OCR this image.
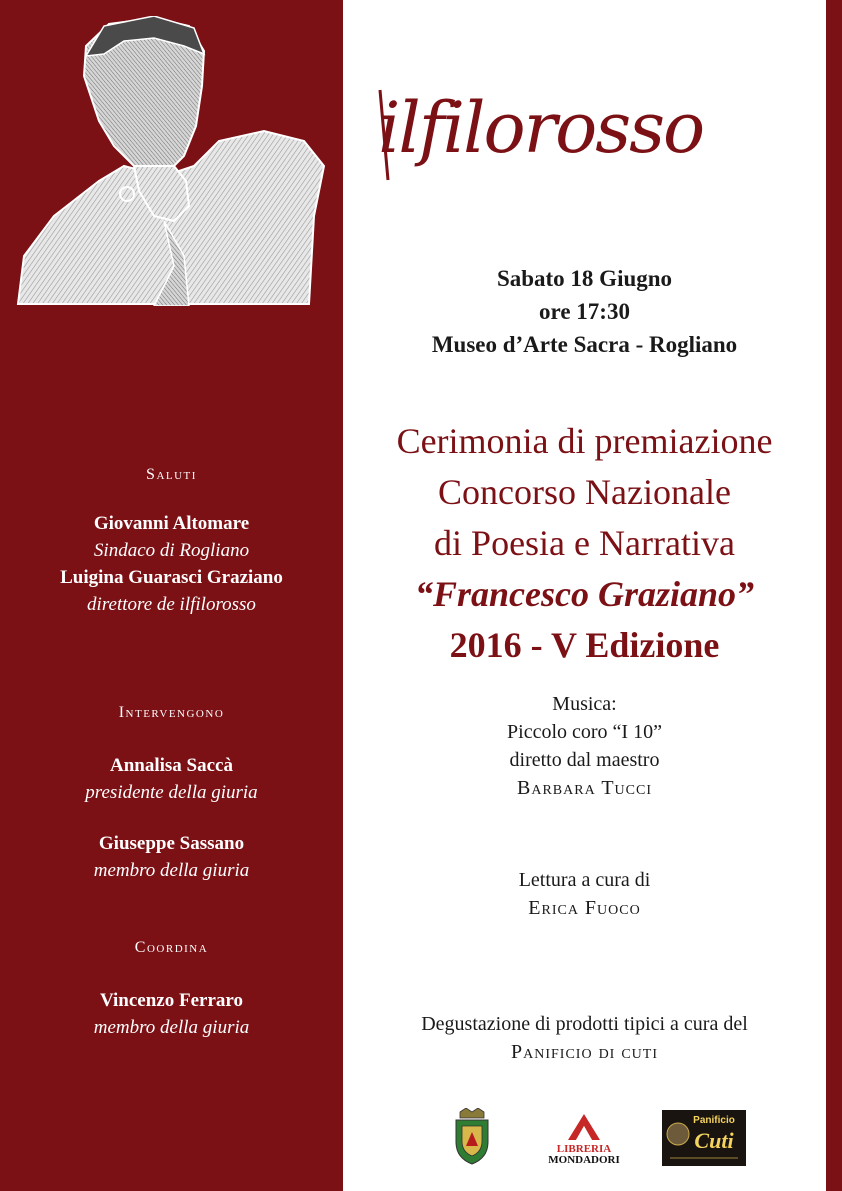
ilfilorosso
Sabato 18 Giugno
ore 17:30
Museo d’Arte Sacra - Rogliano
Cerimonia di premiazione
Concorso Nazionale
di Poesia e Narrativa
“Francesco Graziano”
2016 - V Edizione
Musica:
Piccolo coro “I 10”
diretto dal maestro
Barbara Tucci
Lettura a cura di
Erica Fuoco
Degustazione di prodotti tipici a cura del
Panificio di cuti
Saluti
Giovanni Altomare
Sindaco di Rogliano
Luigina Guarasci Graziano
direttore de ilfilorosso
Intervengono
Annalisa Saccà
presidente della giuria
Giuseppe Sassano
membro della giuria
Coordina
Vincenzo Ferraro
membro della giuria
LIBRERIA
MONDADORI
Panificio
Cuti
